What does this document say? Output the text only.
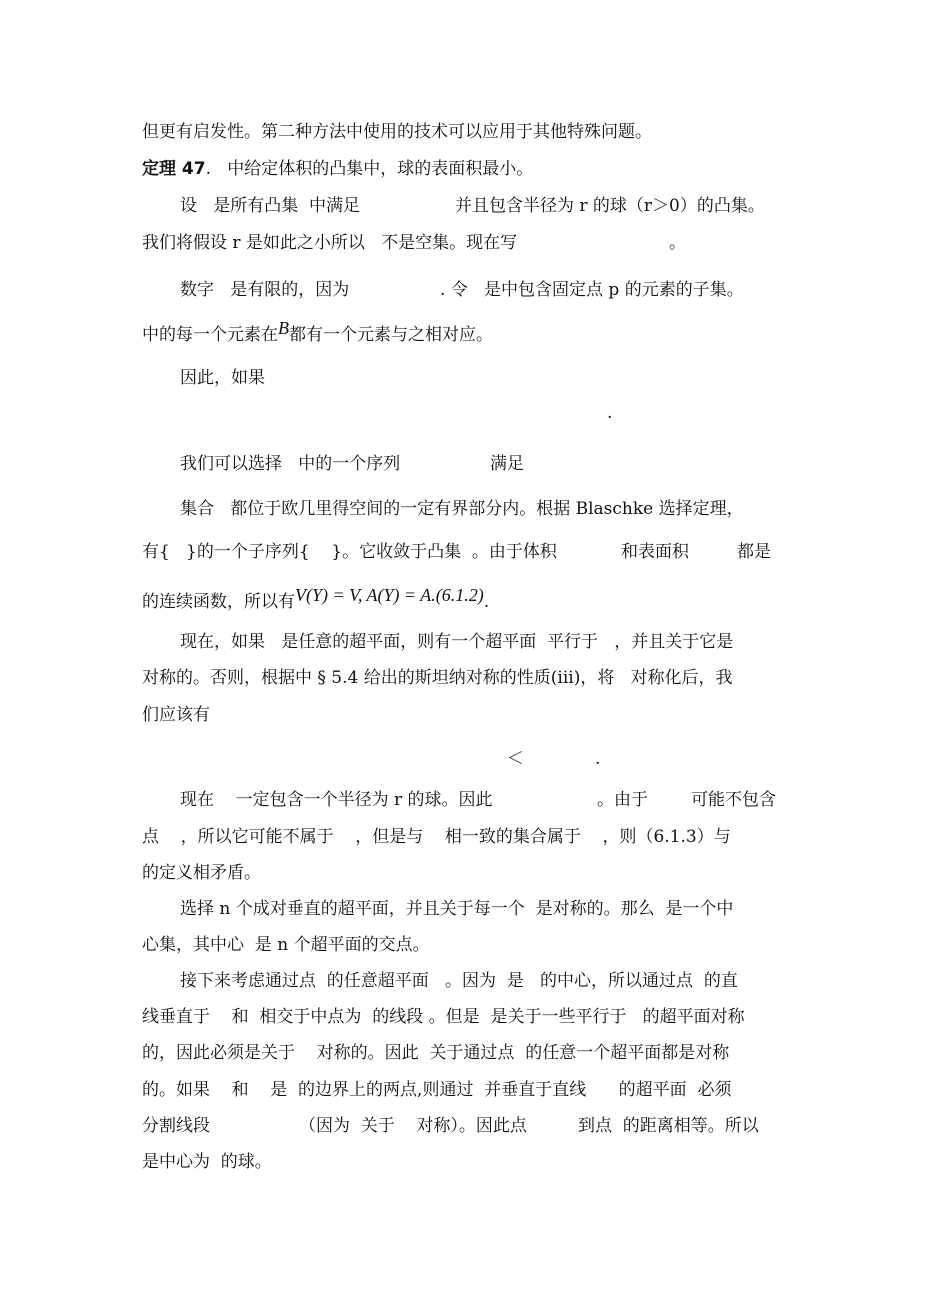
但更有启发性。第二种方法中使用的技术可以应用于其他特殊问题。
定理 47.   中给定体积的凸集中，球的表面积最小。
设   是所有凸集  中满足	并且包含半径为 r 的球（r＞0）的凸集。
我们将假设 r 是如此之小所以   不是空集。现在写	。
数字   是有限的，因为	. 令   是中包含固定点 p 的元素的子集。
中的每一个元素在B都有一个元素与之相对应。
因此，如果
.
我们可以选择   中的一个序列	满足
集合   都位于欧几里得空间的一定有界部分内。根据 Blaschke 选择定理，
有{   }的一个子序列{    }。它收敛于凸集  。由于体积	和表面积	都是
的连续函数，所以有V(Y) = V, A(Y) = A.(6.1.2).
现在，如果   是任意的超平面，则有一个超平面  平行于   ，并且关于它是
对称的。否则，根据中 § 5.4 给出的斯坦纳对称的性质(iii)，将   对称化后，我
们应该有
＜	.
现在    一定包含一个半径为 r 的球。因此	。由于	可能不包含
点    ，所以它可能不属于    ，但是与    相一致的集合属于    ，则（6.1.3）与
的定义相矛盾。
选择 n 个成对垂直的超平面，并且关于每一个  是对称的。那么  是一个中
心集，其中心  是 n 个超平面的交点。
接下来考虑通过点  的任意超平面   。因为  是   的中心，所以通过点  的直
线垂直于    和  相交于中点为  的线段 。但是  是关于一些平行于   的超平面对称
的，因此必须是关于    对称的。因此  关于通过点  的任意一个超平面都是对称
的。如果    和    是  的边界上的两点,则通过  并垂直于直线      的超平面  必须
分割线段	（因为  关于    对称）。因此点	到点  的距离相等。所以
是中心为  的球。
